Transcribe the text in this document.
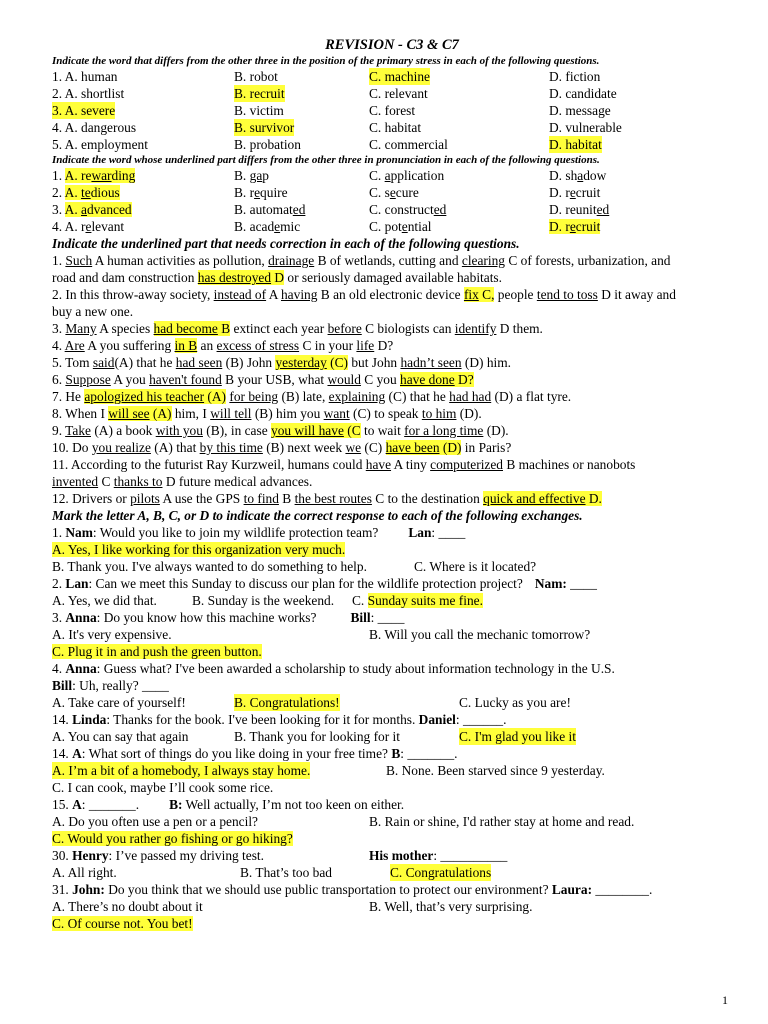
REVISION - C3 & C7
Indicate the word that differs from the other three in the position of the primary stress in each of the following questions.
1. A. human	B. robot	C. machine	D. fiction
2. A. shortlist	B. recruit	C. relevant	D. candidate
3. A. severe	B. victim	C. forest	D. message
4. A. dangerous	B. survivor	C. habitat	D. vulnerable
5. A. employment	B. probation	C. commercial	D. habitat
Indicate the word whose underlined part differs from the other three in pronunciation in each of the following questions.
1. A. rewarding	B. gap	C. application	D. shadow
2. A. tedious	B. require	C. secure	D. recruit
3. A. advanced	B. automated	C. constructed	D. reunited
4. A. relevant	B. academic	C. potential	D. recruit
Indicate the underlined part that needs correction in each of the following questions.
1. Such A human activities as pollution, drainage B of wetlands, cutting and clearing C of forests, urbanization, and
road and dam construction has destroyed D or seriously damaged available habitats.
2. In this throw-away society, instead of A having B an old electronic device fix C, people tend to toss D it away and
buy a new one.
3. Many A species had become B extinct each year before C biologists can identify D them.
4. Are A you suffering in B an excess of stress C in your life D?
5. Tom said(A) that he had seen (B) John yesterday (C) but John hadn’t seen (D) him.
6. Suppose A you haven't found B your USB, what would C you have done D?
7. He apologized his teacher (A) for being (B) late, explaining (C) that he had had (D) a flat tyre.
8. When I will see (A) him, I will tell (B) him you want (C) to speak to him (D).
9. Take (A) a book with you (B), in case you will have (C to wait for a long time (D).
10. Do you realize (A) that by this time (B) next week we (C) have been (D) in Paris?
11. According to the futurist Ray Kurzweil, humans could have A tiny computerized B machines or nanobots
invented C thanks to D future medical advances.
12. Drivers or pilots A use the GPS to find B the best routes C to the destination quick and effective D.
Mark the letter A, B, C, or D to indicate the correct response to each of the following exchanges.
1. Nam: Would you like to join my wildlife protection team? Lan: ____
A. Yes, I like working for this organization very much.
B. Thank you. I've always wanted to do something to help.	C. Where is it located?
2. Lan: Can we meet this Sunday to discuss our plan for the wildlife protection project? Nam: ____
A. Yes, we did that.	B. Sunday is the weekend. C. Sunday suits me fine.
3. Anna: Do you know how this machine works?	Bill: ____
A. It's very expensive.	B. Will you call the mechanic tomorrow?
C. Plug it in and push the green button.
4. Anna: Guess what? I've been awarded a scholarship to study about information technology in the U.S.
Bill: Uh, really? ____
A. Take care of yourself!	B. Congratulations!	C. Lucky as you are!
14. Linda: Thanks for the book. I've been looking for it for months. Daniel: ______.
A. You can say that again	B. Thank you for looking for it	C. I'm glad you like it
14. A: What sort of things do you like doing in your free time? B: _______.
A. I’m a bit of a homebody, I always stay home.	B. None. Been starved since 9 yesterday.
C. I can cook, maybe I’ll cook some rice.
15. A: _______. B: Well actually, I’m not too keen on either.
A. Do you often use a pen or a pencil?	B. Rain or shine, I'd rather stay at home and read.
C. Would you rather go fishing or go hiking?
30. Henry: I’ve passed my driving test.	His mother: __________
A. All right.	B. That’s too bad	C. Congratulations
31. John: Do you think that we should use public transportation to protect our environment? Laura: ________.
A. There’s no doubt about it	B. Well, that’s very surprising.
C. Of course not. You bet!
1
